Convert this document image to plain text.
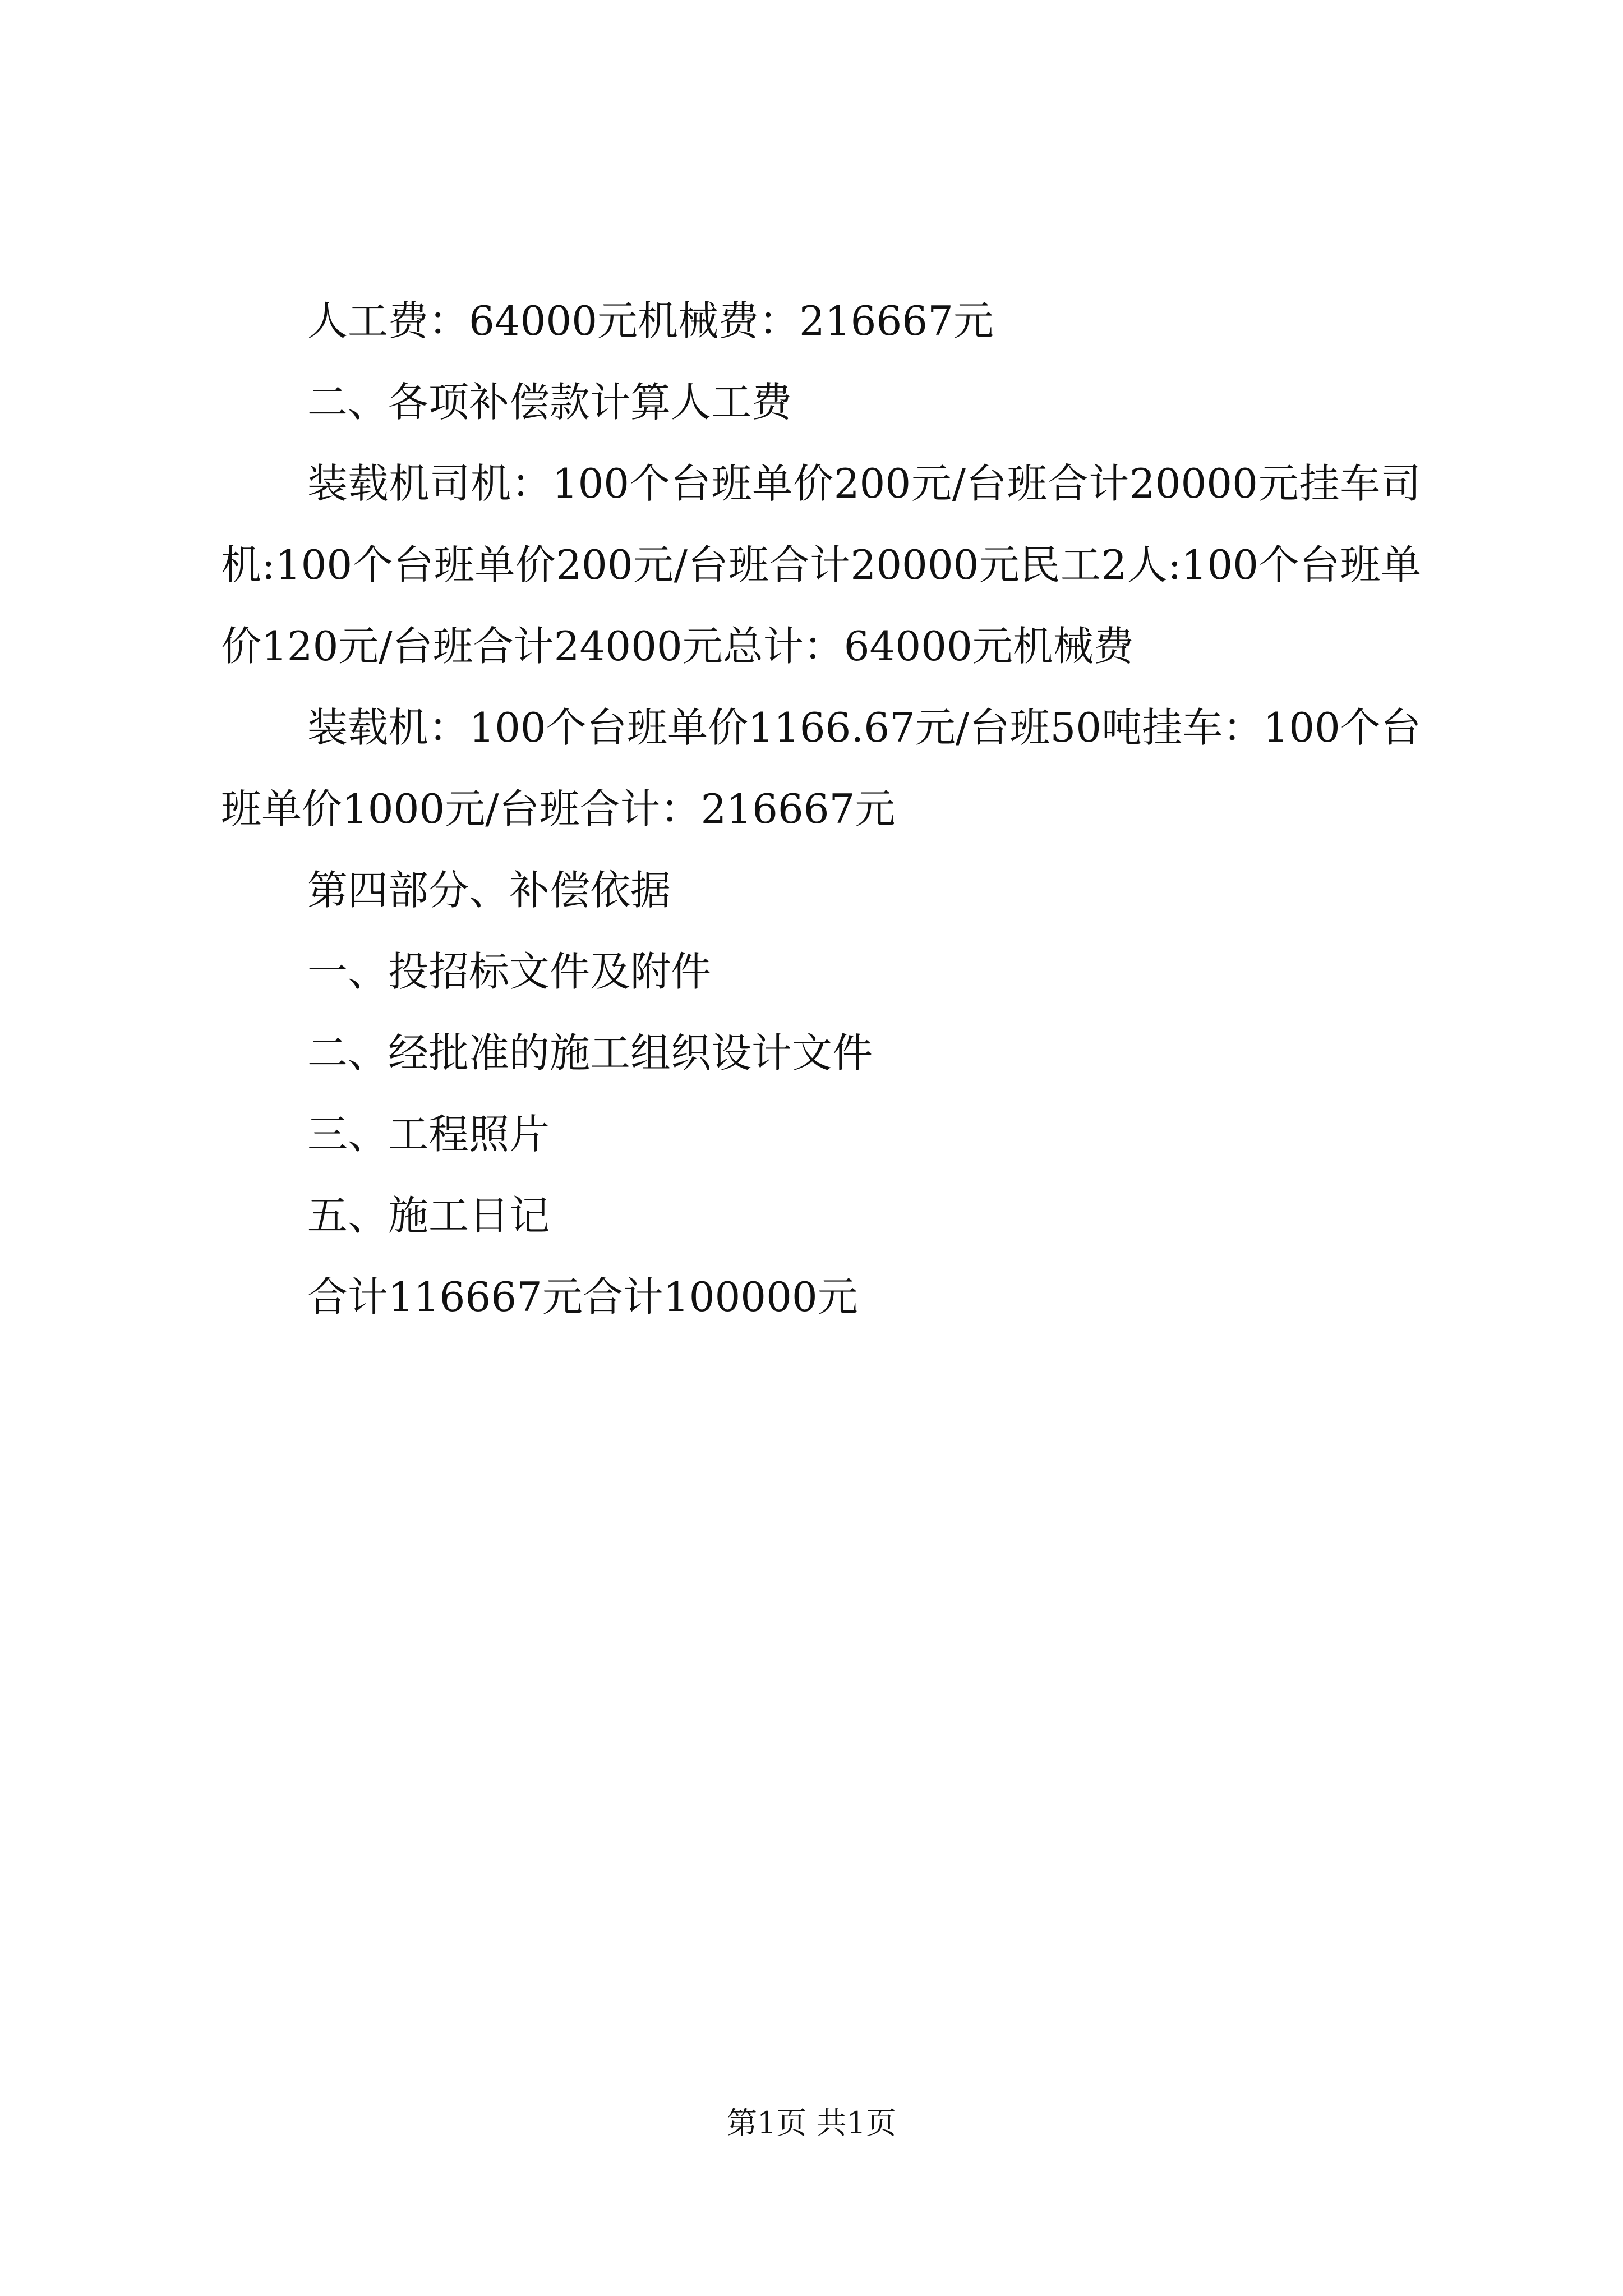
人工费：64000元机械费：216667元

二、各项补偿款计算人工费

装载机司机：100个台班单价200元/台班合计20000元挂车司机:100个台班单价200元/台班合计20000元民工2人:100个台班单价120元/台班合计24000元总计：64000元机械费

装载机：100个台班单价1166.67元/台班50吨挂车：100个台班单价1000元/台班合计：216667元

第四部分、补偿依据

一、投招标文件及附件

二、经批准的施工组织设计文件

三、工程照片

五、施工日记

合计116667元合计100000元

第1页 共1页
